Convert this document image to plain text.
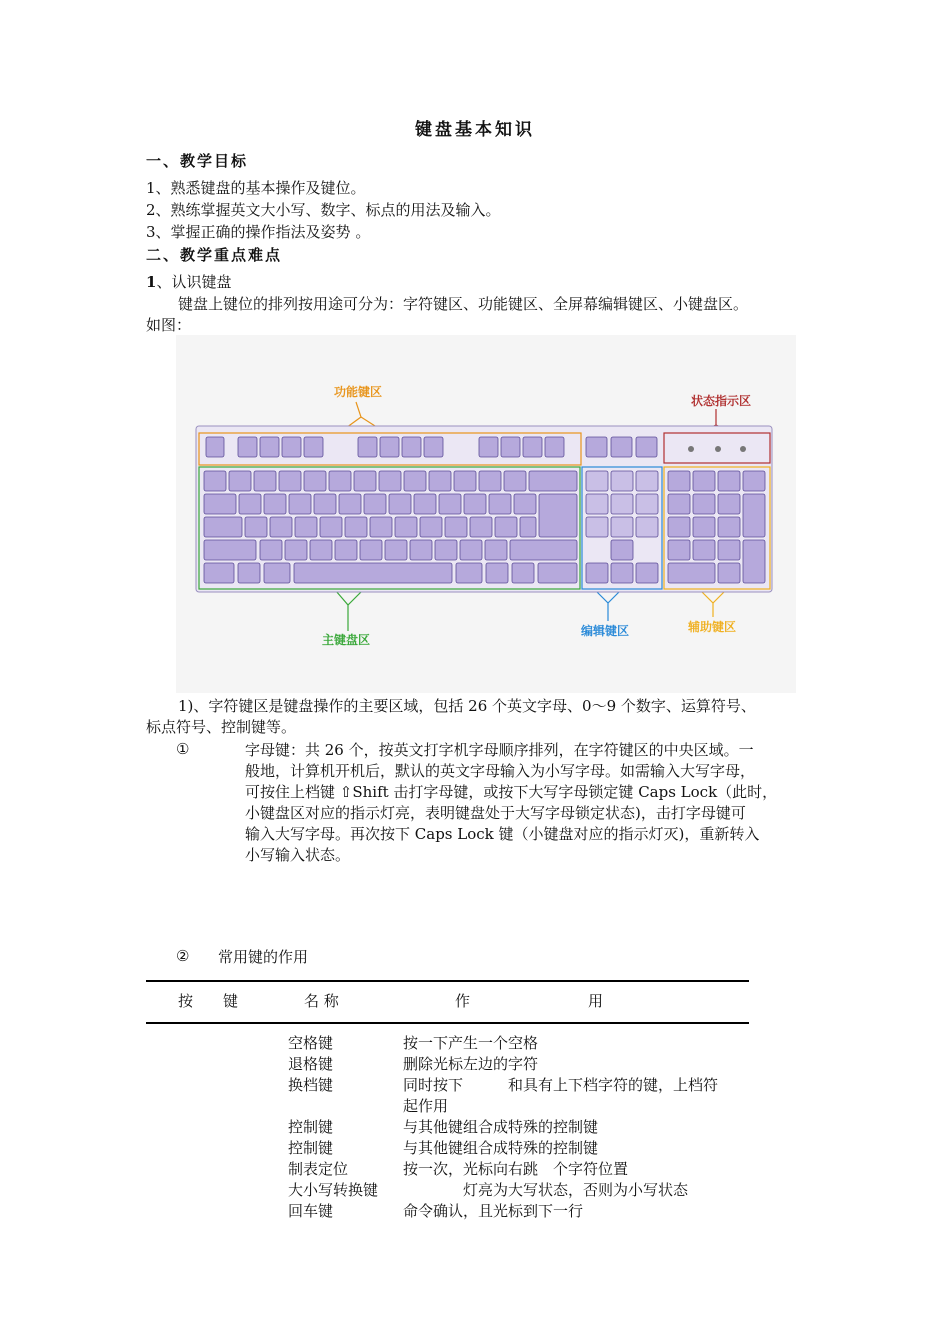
键盘基本知识
一、教学目标
1、熟悉键盘的基本操作及键位。
2、熟练掌握英文大小写、数字、标点的用法及输入。
3、掌握正确的操作指法及姿势 。
二、教学重点难点
1、认识键盘
键盘上键位的排列按用途可分为：字符键区、功能键区、全屏幕编辑键区、小键盘区。
如图：
功能键区
状态指示区
主键盘区
编辑键区	辅助键区
1)、字符键区是键盘操作的主要区域，包括 26 个英文字母、0～9 个数字、运算符号、
标点符号、控制键等。
①	字母键：共 26 个，按英文打字机字母顺序排列，在字符键区的中央区域。一
般地，计算机开机后，默认的英文字母输入为小写字母。如需输入大写字母，
可按住上档键 ⇧Shift 击打字母键，或按下大写字母锁定键 Caps Lock（此时，
小键盘区对应的指示灯亮，表明键盘处于大写字母锁定状态)，击打字母键可
输入大写字母。再次按下 Caps Lock 键（小键盘对应的指示灯灭)，重新转入
小写输入状态。
② 常用键的作用
按　　键	名 称	作	用
空格键	按一下产生一个空格
退格键	删除光标左边的字符
换档键	同时按下　　　和具有上下档字符的键，上档符
起作用
控制键	与其他键组合成特殊的控制键
控制键	与其他键组合成特殊的控制键
制表定位	按一次，光标向右跳　个字符位置
大小写转换键 　　　　灯亮为大写状态，否则为小写状态
回车键	命令确认，且光标到下一行
